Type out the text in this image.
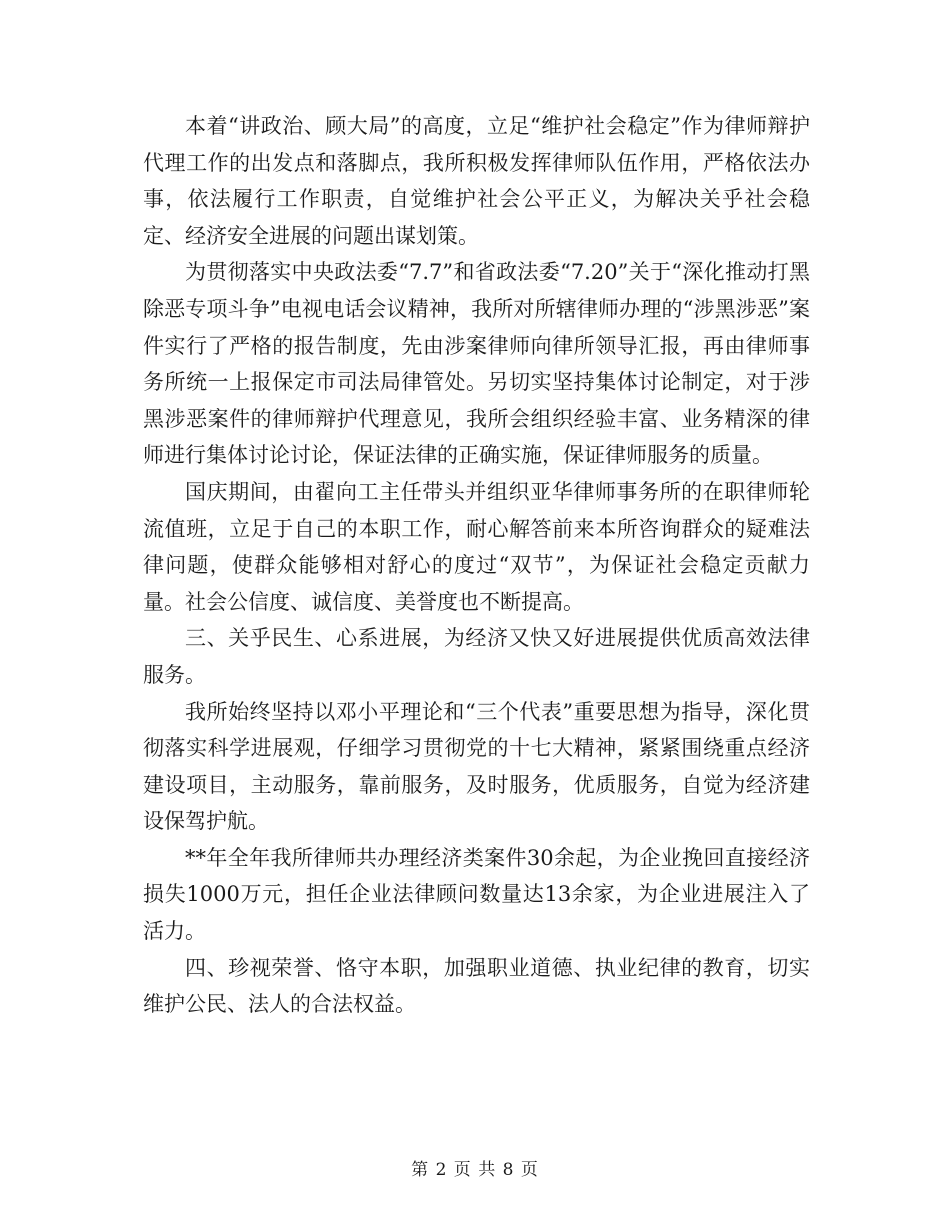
本着“讲政治、顾大局”的高度，立足“维护社会稳定”作为律师辩护代理工作的出发点和落脚点，我所积极发挥律师队伍作用，严格依法办事，依法履行工作职责，自觉维护社会公平正义，为解决关乎社会稳定、经济安全进展的问题出谋划策。

为贯彻落实中央政法委“7.7”和省政法委“7.20”关于“深化推动打黑除恶专项斗争”电视电话会议精神，我所对所辖律师办理的“涉黑涉恶”案件实行了严格的报告制度，先由涉案律师向律所领导汇报，再由律师事务所统一上报保定市司法局律管处。另切实坚持集体讨论制定，对于涉黑涉恶案件的律师辩护代理意见，我所会组织经验丰富、业务精深的律师进行集体讨论讨论，保证法律的正确实施，保证律师服务的质量。

国庆期间，由翟向工主任带头并组织亚华律师事务所的在职律师轮流值班，立足于自己的本职工作，耐心解答前来本所咨询群众的疑难法律问题，使群众能够相对舒心的度过“双节”，为保证社会稳定贡献力量。社会公信度、诚信度、美誉度也不断提高。

三、关乎民生、心系进展，为经济又快又好进展提供优质高效法律服务。

我所始终坚持以邓小平理论和“三个代表”重要思想为指导，深化贯彻落实科学进展观，仔细学习贯彻党的十七大精神，紧紧围绕重点经济建设项目，主动服务，靠前服务，及时服务，优质服务，自觉为经济建设保驾护航。

**年全年我所律师共办理经济类案件30余起，为企业挽回直接经济损失1000万元，担任企业法律顾问数量达13余家，为企业进展注入了活力。

四、珍视荣誉、恪守本职，加强职业道德、执业纪律的教育，切实维护公民、法人的合法权益。

第 2 页 共 8 页
